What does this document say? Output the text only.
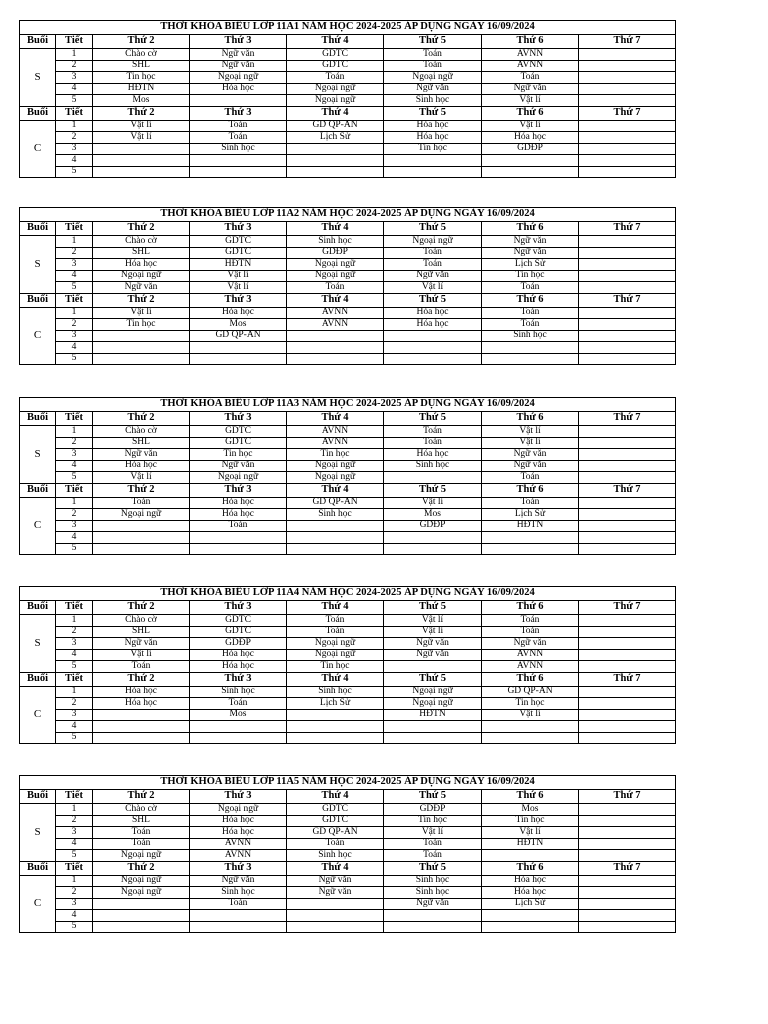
THỜI KHÓA BIỂU LỚP 11A1 NĂM HỌC 2024-2025 ÁP DỤNG NGÀY 16/09/2024							
Buổi	Tiết	Thứ 2	Thứ 3	Thứ 4	Thứ 5	Thứ 6	Thứ 7
S	1	Chào cờ	Ngữ văn	GDTC	Toán	AVNN	
	2	SHL	Ngữ văn	GDTC	Toán	AVNN	
	3	Tin học	Ngoại ngữ	Toán	Ngoại ngữ	Toán	
	4	HĐTN	Hóa học	Ngoại ngữ	Ngữ văn	Ngữ văn	
	5	Mos		Ngoại ngữ	Sinh học	Vật lí	
Buổi	Tiết	Thứ 2	Thứ 3	Thứ 4	Thứ 5	Thứ 6	Thứ 7
C	1	Vật lí	Toán	GD QP-AN	Hóa học	Vật lí	
	2	Vật lí	Toán	Lịch Sử	Hóa học	Hóa học	
	3		Sinh học		Tin học	GDĐP	
	4						
	5						
THỜI KHÓA BIỂU LỚP 11A2 NĂM HỌC 2024-2025 ÁP DỤNG NGÀY 16/09/2024							
Buổi	Tiết	Thứ 2	Thứ 3	Thứ 4	Thứ 5	Thứ 6	Thứ 7
S	1	Chào cờ	GDTC	Sinh học	Ngoại ngữ	Ngữ văn	
	2	SHL	GDTC	GDĐP	Toán	Ngữ văn	
	3	Hóa học	HĐTN	Ngoại ngữ	Toán	Lịch Sử	
	4	Ngoại ngữ	Vật lí	Ngoại ngữ	Ngữ văn	Tin học	
	5	Ngữ văn	Vật lí	Toán	Vật lí	Toán	
Buổi	Tiết	Thứ 2	Thứ 3	Thứ 4	Thứ 5	Thứ 6	Thứ 7
C	1	Vật lí	Hóa học	AVNN	Hóa học	Toán	
	2	Tin học	Mos	AVNN	Hóa học	Toán	
	3		GD QP-AN			Sinh học	
	4						
	5						
THỜI KHÓA BIỂU LỚP 11A3 NĂM HỌC 2024-2025 ÁP DỤNG NGÀY 16/09/2024							
Buổi	Tiết	Thứ 2	Thứ 3	Thứ 4	Thứ 5	Thứ 6	Thứ 7
S	1	Chào cờ	GDTC	AVNN	Toán	Vật lí	
	2	SHL	GDTC	AVNN	Toán	Vật lí	
	3	Ngữ văn	Tin học	Tin học	Hóa học	Ngữ văn	
	4	Hóa học	Ngữ văn	Ngoại ngữ	Sinh học	Ngữ văn	
	5	Vật lí	Ngoại ngữ	Ngoại ngữ		Toán	
Buổi	Tiết	Thứ 2	Thứ 3	Thứ 4	Thứ 5	Thứ 6	Thứ 7
C	1	Toán	Hóa học	GD QP-AN	Vật lí	Toán	
	2	Ngoại ngữ	Hóa học	Sinh học	Mos	Lịch Sử	
	3		Toán		GDĐP	HĐTN	
	4						
	5						
THỜI KHÓA BIỂU LỚP 11A4 NĂM HỌC 2024-2025 ÁP DỤNG NGÀY 16/09/2024							
Buổi	Tiết	Thứ 2	Thứ 3	Thứ 4	Thứ 5	Thứ 6	Thứ 7
S	1	Chào cờ	GDTC	Toán	Vật lí	Toán	
	2	SHL	GDTC	Toán	Vật lí	Toán	
	3	Ngữ văn	GDĐP	Ngoại ngữ	Ngữ văn	Ngữ văn	
	4	Vật lí	Hóa học	Ngoại ngữ	Ngữ văn	AVNN	
	5	Toán	Hóa học	Tin học		AVNN	
Buổi	Tiết	Thứ 2	Thứ 3	Thứ 4	Thứ 5	Thứ 6	Thứ 7
C	1	Hóa học	Sinh học	Sinh học	Ngoại ngữ	GD QP-AN	
	2	Hóa học	Toán	Lịch Sử	Ngoại ngữ	Tin học	
	3		Mos		HĐTN	Vật lí	
	4						
	5						
THỜI KHÓA BIỂU LỚP 11A5 NĂM HỌC 2024-2025 ÁP DỤNG NGÀY 16/09/2024							
Buổi	Tiết	Thứ 2	Thứ 3	Thứ 4	Thứ 5	Thứ 6	Thứ 7
S	1	Chào cờ	Ngoại ngữ	GDTC	GDĐP	Mos	
	2	SHL	Hóa học	GDTC	Tin học	Tin học	
	3	Toán	Hóa học	GD QP-AN	Vật lí	Vật lí	
	4	Toán	AVNN	Toán	Toán	HĐTN	
	5	Ngoại ngữ	AVNN	Sinh học	Toán		
Buổi	Tiết	Thứ 2	Thứ 3	Thứ 4	Thứ 5	Thứ 6	Thứ 7
C	1	Ngoại ngữ	Ngữ văn	Ngữ văn	Sinh học	Hóa học	
	2	Ngoại ngữ	Sinh học	Ngữ văn	Sinh học	Hóa học	
	3		Toán		Ngữ văn	Lịch Sử	
	4						
	5						
